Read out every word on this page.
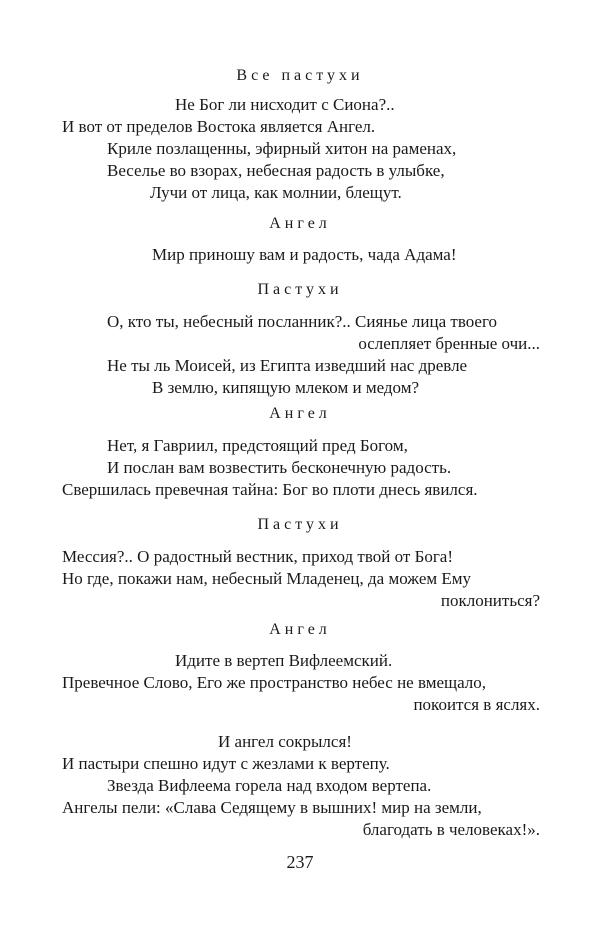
Все пастухи
Не Бог ли нисходит с Сиона?..
И вот от пределов Востока является Ангел.
Криле позлащенны, эфирный хитон на раменах,
Веселье во взорах, небесная радость в улыбке,
Лучи от лица, как молнии, блещут.
Ангел
Мир приношу вам и радость, чада Адама!
Пастухи
О, кто ты, небесный посланник?.. Сиянье лица твоего
ослепляет бренные очи...
Не ты ль Моисей, из Египта изведший нас древле
В землю, кипящую млеком и медом?
Ангел
Нет, я Гавриил, предстоящий пред Богом,
И послан вам возвестить бесконечную радость.
Свершилась превечная тайна: Бог во плоти днесь явился.
Пастухи
Мессия?.. О радостный вестник, приход твой от Бога!
Но где, покажи нам, небесный Младенец, да можем Ему
поклониться?
Ангел
Идите в вертеп Вифлеемский.
Превечное Слово, Его же пространство небес не вмещало,
покоится в яслях.
И ангел сокрылся!
И пастыри спешно идут с жезлами к вертепу.
Звезда Вифлеема горела над входом вертепа.
Ангелы пели: «Слава Седящему в вышних! мир на земли,
благодать в человеках!».
237
